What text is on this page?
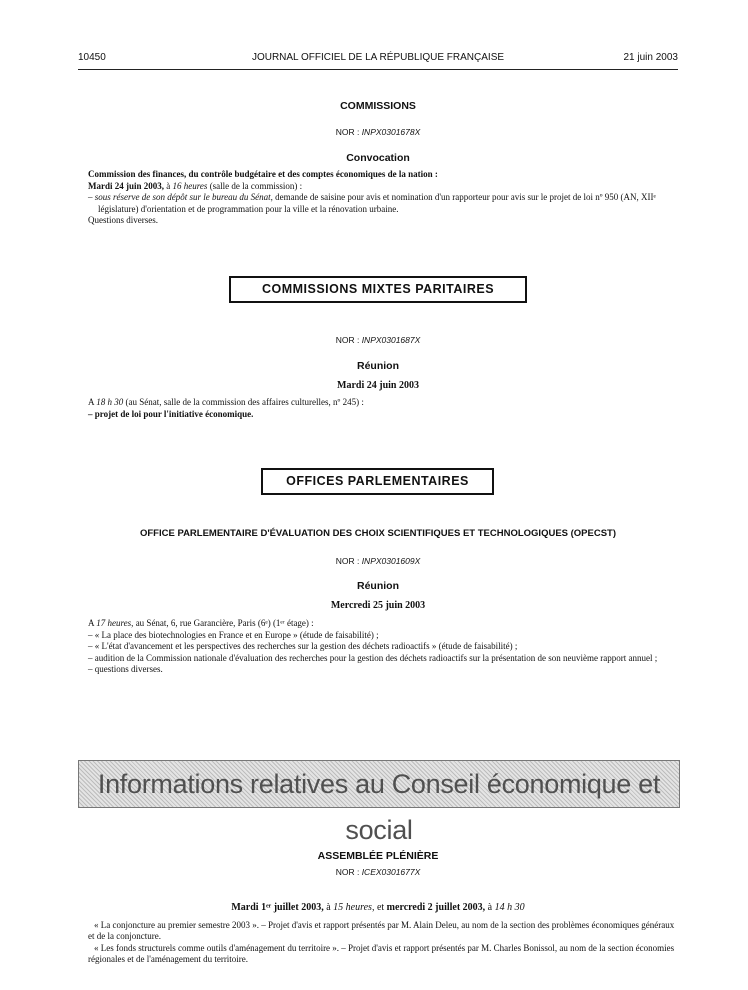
10450	JOURNAL OFFICIEL DE LA RÉPUBLIQUE FRANÇAISE	21 juin 2003
COMMISSIONS
NOR : INPX0301678X
Convocation
Commission des finances, du contrôle budgétaire et des comptes économiques de la nation :
Mardi 24 juin 2003, à 16 heures (salle de la commission) :
– sous réserve de son dépôt sur le bureau du Sénat, demande de saisine pour avis et nomination d'un rapporteur pour avis sur le projet de loi nº 950 (AN, XIIᵉ législature) d'orientation et de programmation pour la ville et la rénovation urbaine.
Questions diverses.
COMMISSIONS MIXTES PARITAIRES
NOR : INPX0301687X
Réunion
Mardi 24 juin 2003
A 18 h 30 (au Sénat, salle de la commission des affaires culturelles, nº 245) :
– projet de loi pour l'initiative économique.
OFFICES PARLEMENTAIRES
OFFICE PARLEMENTAIRE D'ÉVALUATION DES CHOIX SCIENTIFIQUES ET TECHNOLOGIQUES (OPECST)
NOR : INPX0301609X
Réunion
Mercredi 25 juin 2003
A 17 heures, au Sénat, 6, rue Garancière, Paris (6ᵉ) (1ᵉʳ étage) :
– « La place des biotechnologies en France et en Europe » (étude de faisabilité) ;
– « L'état d'avancement et les perspectives des recherches sur la gestion des déchets radioactifs » (étude de faisabilité) ;
– audition de la Commission nationale d'évaluation des recherches pour la gestion des déchets radioactifs sur la présentation de son neuvième rapport annuel ;
– questions diverses.
Informations relatives au Conseil économique et social
ASSEMBLÉE PLÉNIÈRE
NOR : ICEX0301677X
Mardi 1ᵉʳ juillet 2003, à 15 heures, et mercredi 2 juillet 2003, à 14 h 30
« La conjoncture au premier semestre 2003 ». – Projet d'avis et rapport présentés par M. Alain Deleu, au nom de la section des problèmes économiques généraux et de la conjoncture.
« Les fonds structurels comme outils d'aménagement du territoire ». – Projet d'avis et rapport présentés par M. Charles Bonissol, au nom de la section économies régionales et de l'aménagement du territoire.
